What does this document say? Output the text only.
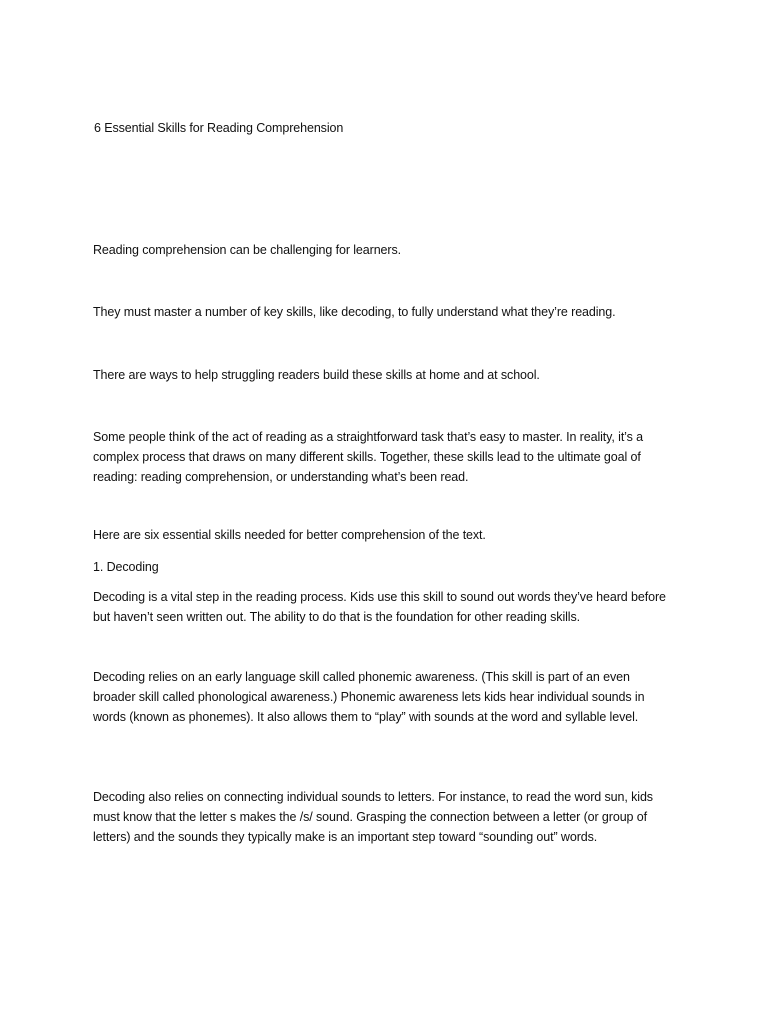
6 Essential Skills for Reading Comprehension

Reading comprehension can be challenging for learners.

They must master a number of key skills, like decoding, to fully understand what they’re reading.

There are ways to help struggling readers build these skills at home and at school.

Some people think of the act of reading as a straightforward task that’s easy to master. In reality, it’s a complex process that draws on many different skills. Together, these skills lead to the ultimate goal of reading: reading comprehension, or understanding what’s been read.

Here are six essential skills needed for better comprehension of the text.

1. Decoding

Decoding is a vital step in the reading process. Kids use this skill to sound out words they’ve heard before but haven’t seen written out. The ability to do that is the foundation for other reading skills.

Decoding relies on an early language skill called phonemic awareness. (This skill is part of an even broader skill called phonological awareness.) Phonemic awareness lets kids hear individual sounds in words (known as phonemes). It also allows them to “play” with sounds at the word and syllable level.

Decoding also relies on connecting individual sounds to letters. For instance, to read the word sun, kids must know that the letter s makes the /s/ sound. Grasping the connection between a letter (or group of letters) and the sounds they typically make is an important step toward “sounding out” words.
